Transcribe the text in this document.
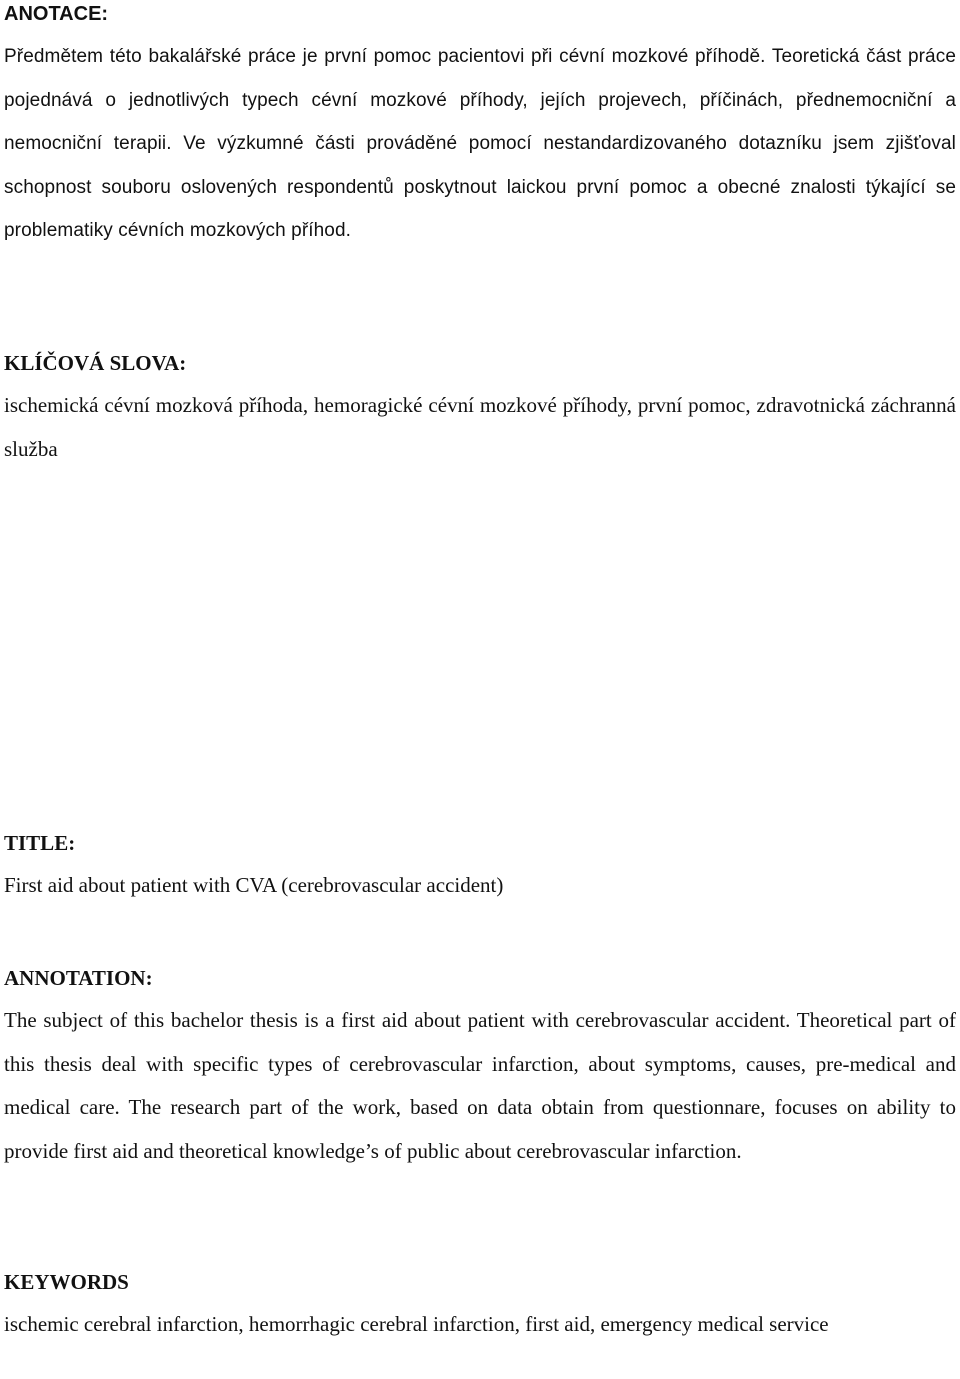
ANOTACE:

Předmětem této bakalářské práce je první pomoc pacientovi při cévní mozkové příhodě. Teoretická část práce pojednává o jednotlivých typech cévní mozkové příhody, jejích projevech, příčinách, přednemocniční a nemocniční terapii. Ve výzkumné části prováděné pomocí nestandardizovaného dotazníku jsem zjišťoval schopnost souboru oslovených respondentů poskytnout laickou první pomoc a obecné znalosti týkající se problematiky cévních mozkových příhod.

KLÍČOVÁ SLOVA:

ischemická cévní mozková příhoda, hemoragické cévní mozkové příhody, první pomoc, zdravotnická záchranná služba

TITLE:

First aid about patient with CVA (cerebrovascular accident)

ANNOTATION:

The subject of this bachelor thesis is a first aid about patient with cerebrovascular accident. Theoretical part of this thesis deal with specific types of cerebrovascular infarction, about symptoms, causes, pre-medical and medical care. The research part of the work, based on data obtain from questionnare, focuses on ability to provide first aid and theoretical knowledge’s of public about cerebrovascular infarction.

KEYWORDS

ischemic cerebral infarction, hemorrhagic cerebral infarction, first aid, emergency medical service
